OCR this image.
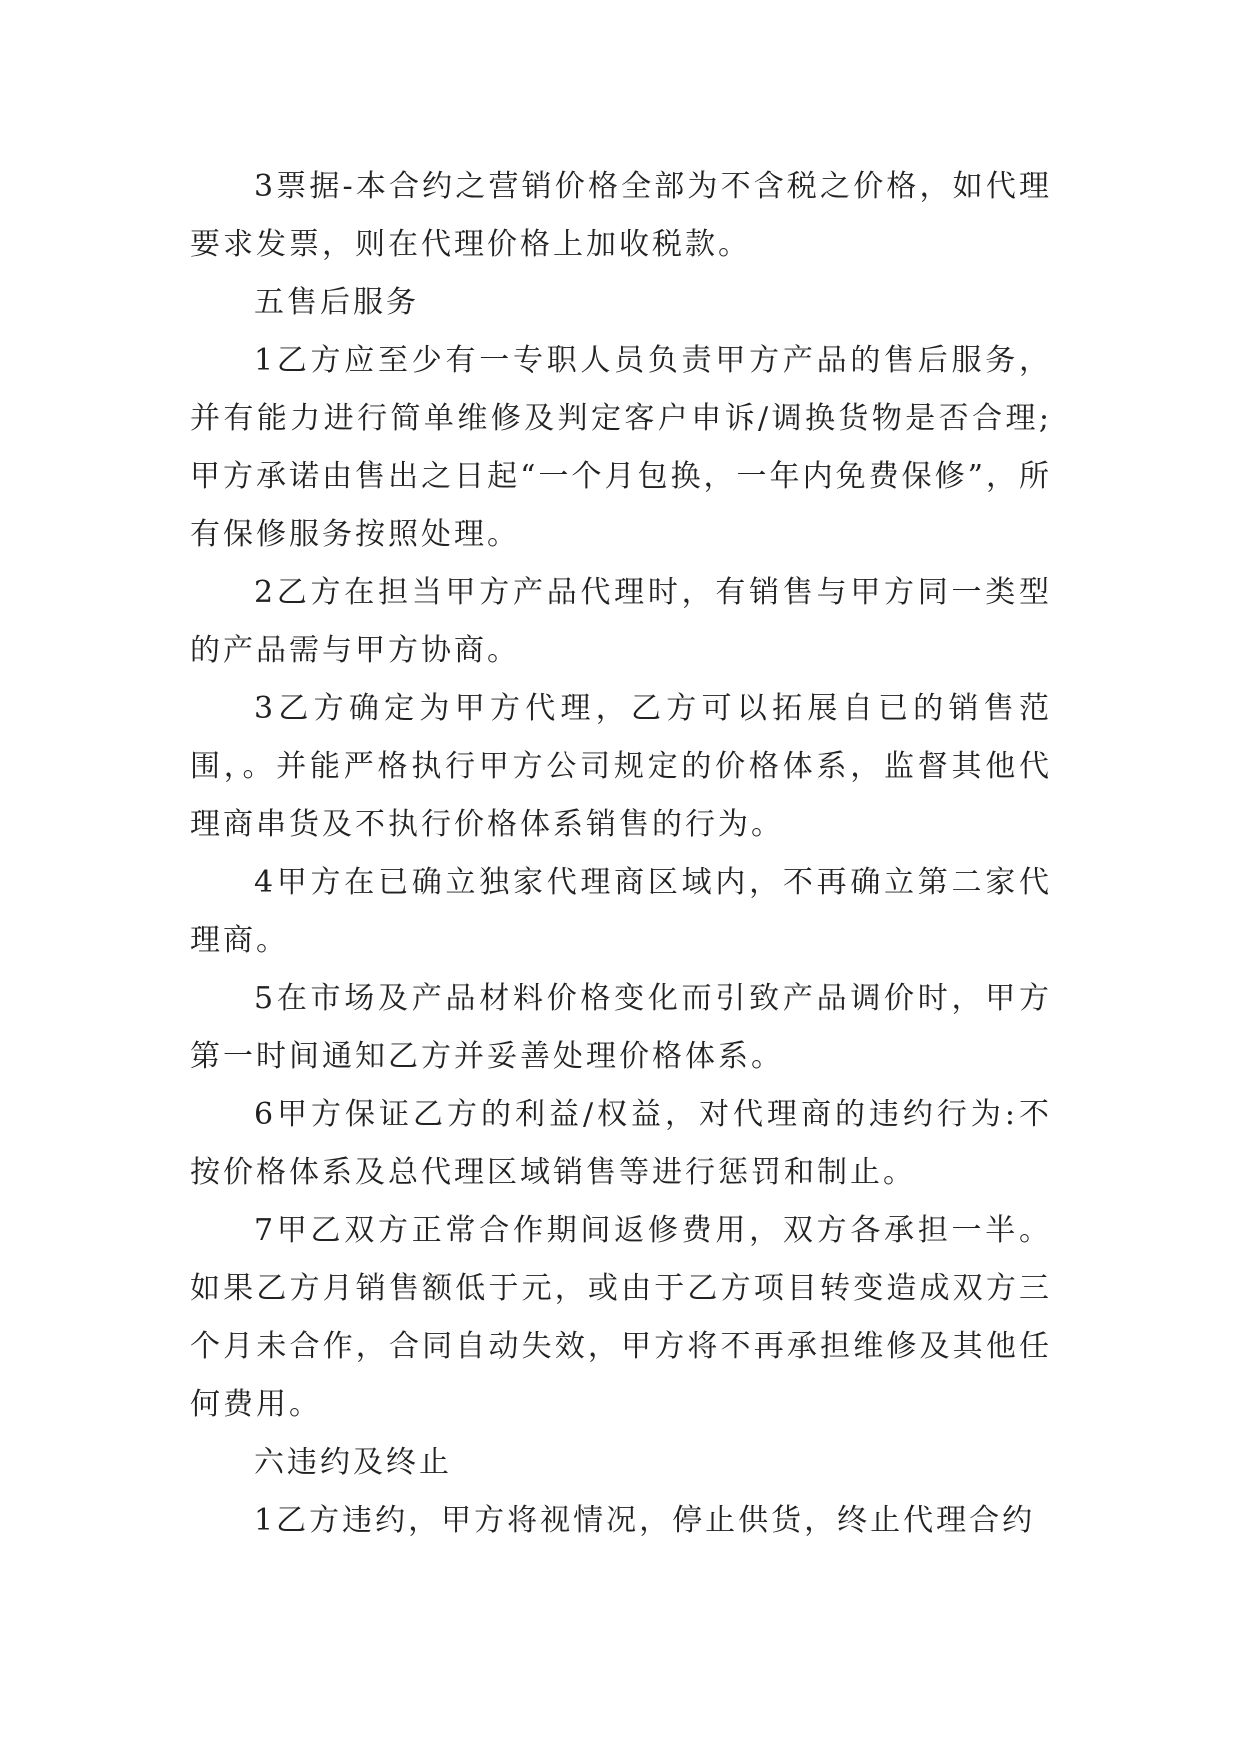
3票据-本合约之营销价格全部为不含税之价格，如代理要求发票，则在代理价格上加收税款。

五售后服务

1乙方应至少有一专职人员负责甲方产品的售后服务，并有能力进行简单维修及判定客户申诉/调换货物是否合理;甲方承诺由售出之日起“一个月包换，一年内免费保修”，所有保修服务按照处理。

2乙方在担当甲方产品代理时，有销售与甲方同一类型的产品需与甲方协商。

3乙方确定为甲方代理，乙方可以拓展自已的销售范围，。并能严格执行甲方公司规定的价格体系，监督其他代理商串货及不执行价格体系销售的行为。

4甲方在已确立独家代理商区域内，不再确立第二家代理商。

5在市场及产品材料价格变化而引致产品调价时，甲方第一时间通知乙方并妥善处理价格体系。

6甲方保证乙方的利益/权益，对代理商的违约行为:不按价格体系及总代理区域销售等进行惩罚和制止。

7甲乙双方正常合作期间返修费用，双方各承担一半。如果乙方月销售额低于元，或由于乙方项目转变造成双方三个月未合作，合同自动失效，甲方将不再承担维修及其他任何费用。

六违约及终止

1乙方违约，甲方将视情况，停止供货，终止代理合约
